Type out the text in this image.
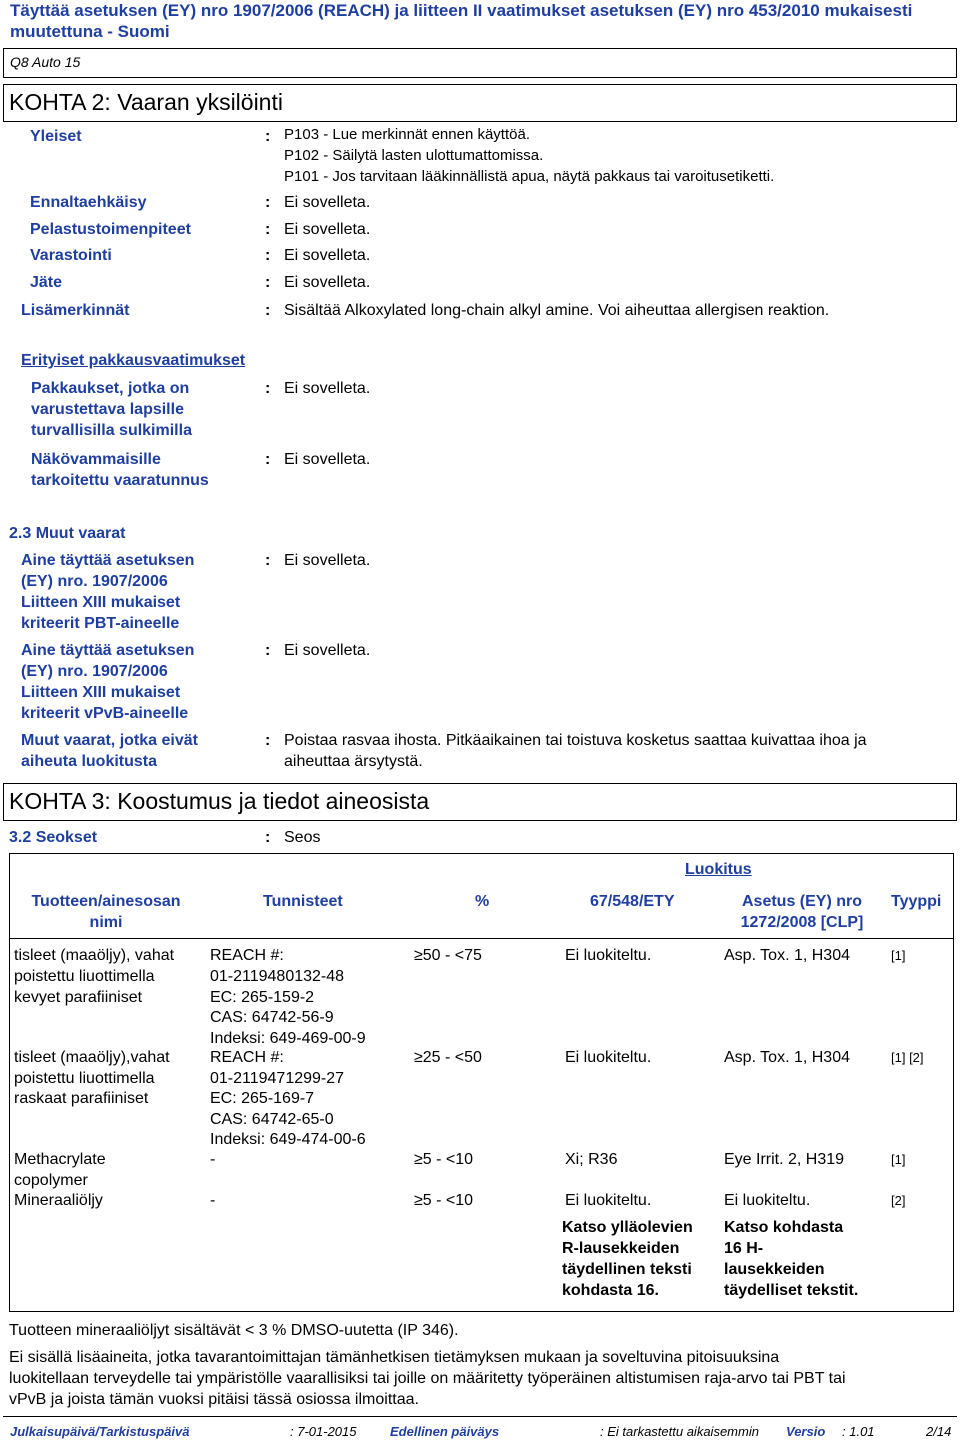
Täyttää asetuksen (EY) nro 1907/2006 (REACH) ja liitteen II vaatimukset asetuksen (EY) nro 453/2010 mukaisesti
muutettuna - Suomi
Q8 Auto 15
KOHTA 2: Vaaran yksilöinti
Yleiset	: P103 - Lue merkinnät ennen käyttöä.
P102 - Säilytä lasten ulottumattomissa.
P101 - Jos tarvitaan lääkinnällistä apua, näytä pakkaus tai varoitusetiketti.
Ennaltaehkäisy	: Ei sovelleta.
Pelastustoimenpiteet	: Ei sovelleta.
Varastointi	: Ei sovelleta.
Jäte	: Ei sovelleta.
Lisämerkinnät	: Sisältää Alkoxylated long-chain alkyl amine. Voi aiheuttaa allergisen reaktion.
Erityiset pakkausvaatimukset
Pakkaukset, jotka on
varustettava lapsille
turvallisilla sulkimilla
: Ei sovelleta.
Näkövammaisille
tarkoitettu vaaratunnus
: Ei sovelleta.
2.3 Muut vaarat
Aine täyttää asetuksen
(EY) nro. 1907/2006
Liitteen XIII mukaiset
kriteerit PBT-aineelle
: Ei sovelleta.
Aine täyttää asetuksen
(EY) nro. 1907/2006
Liitteen XIII mukaiset
kriteerit vPvB-aineelle
: Ei sovelleta.
Muut vaarat, jotka eivät
aiheuta luokitusta
: Poistaa rasvaa ihosta. Pitkäaikainen tai toistuva kosketus saattaa kuivattaa ihoa ja
aiheuttaa ärsytystä.
KOHTA 3: Koostumus ja tiedot aineosista
3.2 Seokset	: Seos
Luokitus
Tuotteen/ainesosan
nimi
Tunnisteet	%	67/548/ETY	Asetus (EY) nro
1272/2008 [CLP]
Tyyppi
tisleet (maaöljy), vahat
poistettu liuottimella
kevyet parafiiniset
REACH #:
01-2119480132-48
EC: 265-159-2
CAS: 64742-56-9
Indeksi: 649-469-00-9
≥50 - <75	Ei luokiteltu.	Asp. Tox. 1, H304	[1]
tisleet (maaöljy),vahat
poistettu liuottimella
raskaat parafiiniset
REACH #:
01-2119471299-27
EC: 265-169-7
CAS: 64742-65-0
Indeksi: 649-474-00-6
≥25 - <50	Ei luokiteltu.	Asp. Tox. 1, H304	[1] [2]
Methacrylate
copolymer
-	≥5 - <10	Xi; R36	Eye Irrit. 2, H319	[1]
Mineraaliöljy	-	≥5 - <10	Ei luokiteltu.	Ei luokiteltu.	[2]
Katso ylläolevien
R-lausekkeiden
täydellinen teksti
kohdasta 16.
Katso kohdasta
16 H-
lausekkeiden
täydelliset tekstit.
Tuotteen mineraaliöljyt sisältävät < 3 % DMSO-uutetta (IP 346).
Ei sisällä lisäaineita, jotka tavarantoimittajan tämänhetkisen tietämyksen mukaan ja soveltuvina pitoisuuksina
luokitellaan terveydelle tai ympäristölle vaarallisiksi tai joille on määritetty työperäinen altistumisen raja-arvo tai PBT tai
vPvB ja joista tämän vuoksi pitäisi tässä osiossa ilmoittaa.
Julkaisupäivä/Tarkistuspäivä	: 7-01-2015	Edellinen päiväys	: Ei tarkastettu aikaisemmin Versio : 1.01	2/14
